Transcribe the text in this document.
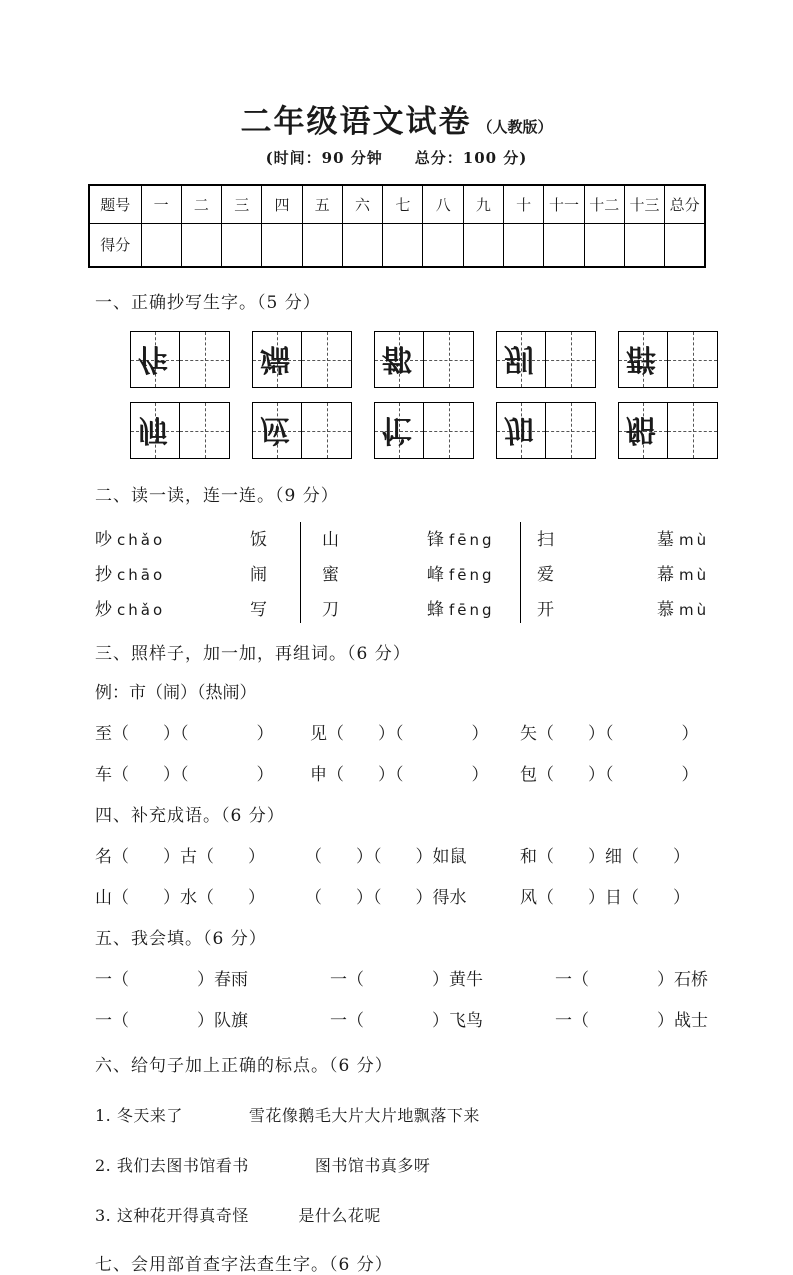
二年级语文试卷 （人教版）
(时间：90 分钟　　总分：100 分)
题号	一	二	三	四	五	六	七	八	九	十	十一	十二	十三	总分
得分														
一、正确抄写生字。（5 分）
作	端	都	别	群
师	应	忙	加	船
二、读一读，连一连。（9 分）
吵 chǎo	饭	山	锋 fēng	扫	墓 mù
抄 chāo	闹	蜜	峰 fēng	爱	幕 mù
炒 chǎo	写	刀	蜂 fēng	开	慕 mù
三、照样子，加一加，再组词。（6 分）
例：市（闹）（热闹）
至（　　）（　　　　）	见（　　）（　　　　）	矢（　　）（　　　　）
车（　　）（　　　　）	申（　　）（　　　　）	包（　　）（　　　　）
四、补充成语。（6 分）
名（　　）古（　　）	（　　）（　　）如鼠	和（　　）细（　　）
山（　　）水（　　）	（　　）（　　）得水	风（　　）日（　　）
五、我会填。（6 分）
一（　　　　）春雨	一（　　　　）黄牛	一（　　　　）石桥
一（　　　　）队旗	一（　　　　）飞鸟	一（　　　　）战士
六、给句子加上正确的标点。（6 分）
1. 冬天来了　　　　雪花像鹅毛大片大片地飘落下来
2. 我们去图书馆看书　　　　图书馆书真多呀
3. 这种花开得真奇怪　　　是什么花呢
七、会用部首查字法查生字。（6 分）
